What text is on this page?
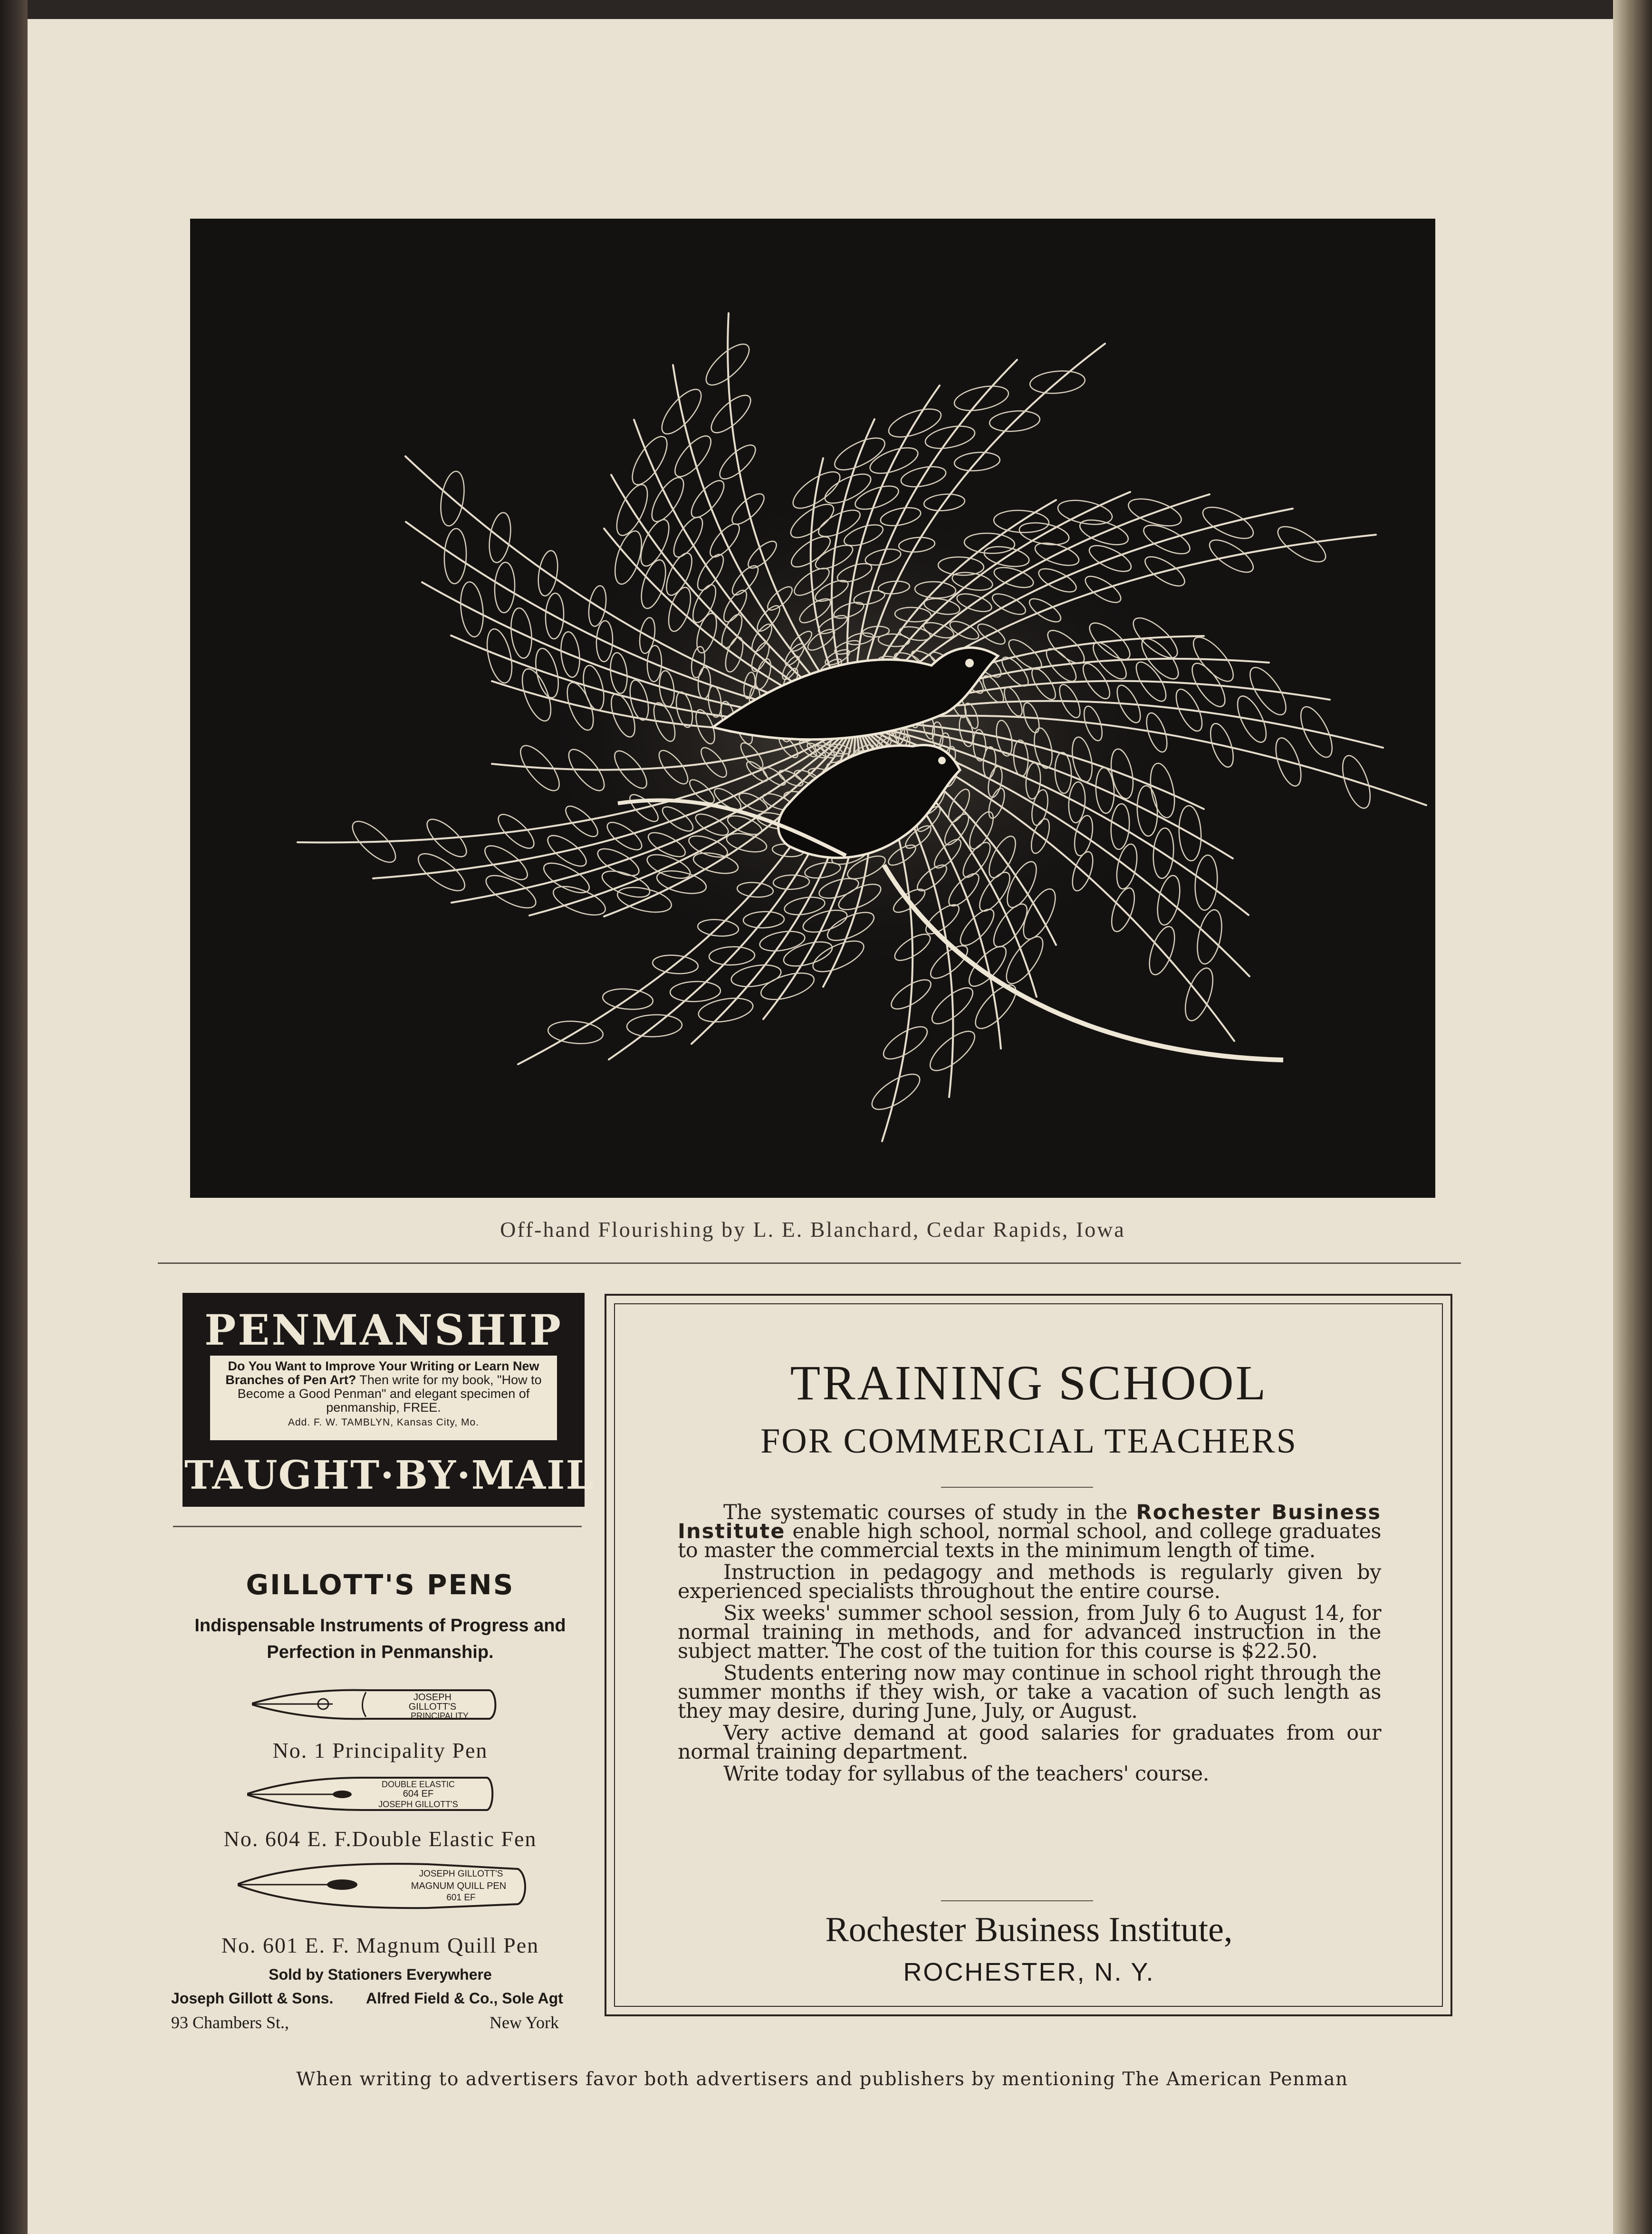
Off-hand Flourishing by L. E. Blanchard, Cedar Rapids, Iowa
PENMANSHIP
Do You Want to Improve Your Writing or Learn New Branches of Pen Art? Then write for my book, "How to Become a Good Penman" and elegant specimen of penmanship, FREE.
Add. F. W. TAMBLYN, Kansas City, Mo.
TAUGHT·BY·MAIL
GILLOTT'S PENS
Indispensable Instruments of Progress and
Perfection in Penmanship.
JOSEPH
GILLOTT'S
PRINCIPALITY
No. 1 Principality Pen
DOUBLE ELASTIC
604 EF
JOSEPH GILLOTT'S
No. 604 E. F.Double Elastic Fen
JOSEPH GILLOTT'S
MAGNUM QUILL PEN
601 EF
No. 601 E. F. Magnum Quill Pen
Sold by Stationers Everywhere
Joseph Gillott & Sons. Alfred Field & Co., Sole Agt
93 Chambers St.,	New York
TRAINING SCHOOL
FOR COMMERCIAL TEACHERS

The systematic courses of study in the Rochester Business Institute enable high school, normal school, and college graduates to master the commercial texts in the minimum length of time.

Instruction in pedagogy and methods is regularly given by experienced specialists throughout the entire course.

Six weeks' summer school session, from July 6 to August 14, for normal training in methods, and for advanced instruction in the subject matter. The cost of the tuition for this course is $22.50.

Students entering now may continue in school right through the summer months if they wish, or take a vacation of such length as they may desire, during June, July, or August.

Very active demand at good salaries for graduates from our normal training department.

Write today for syllabus of the teachers' course.

Rochester Business Institute,
ROCHESTER, N. Y.
When writing to advertisers favor both advertisers and publishers by mentioning The American Penman
